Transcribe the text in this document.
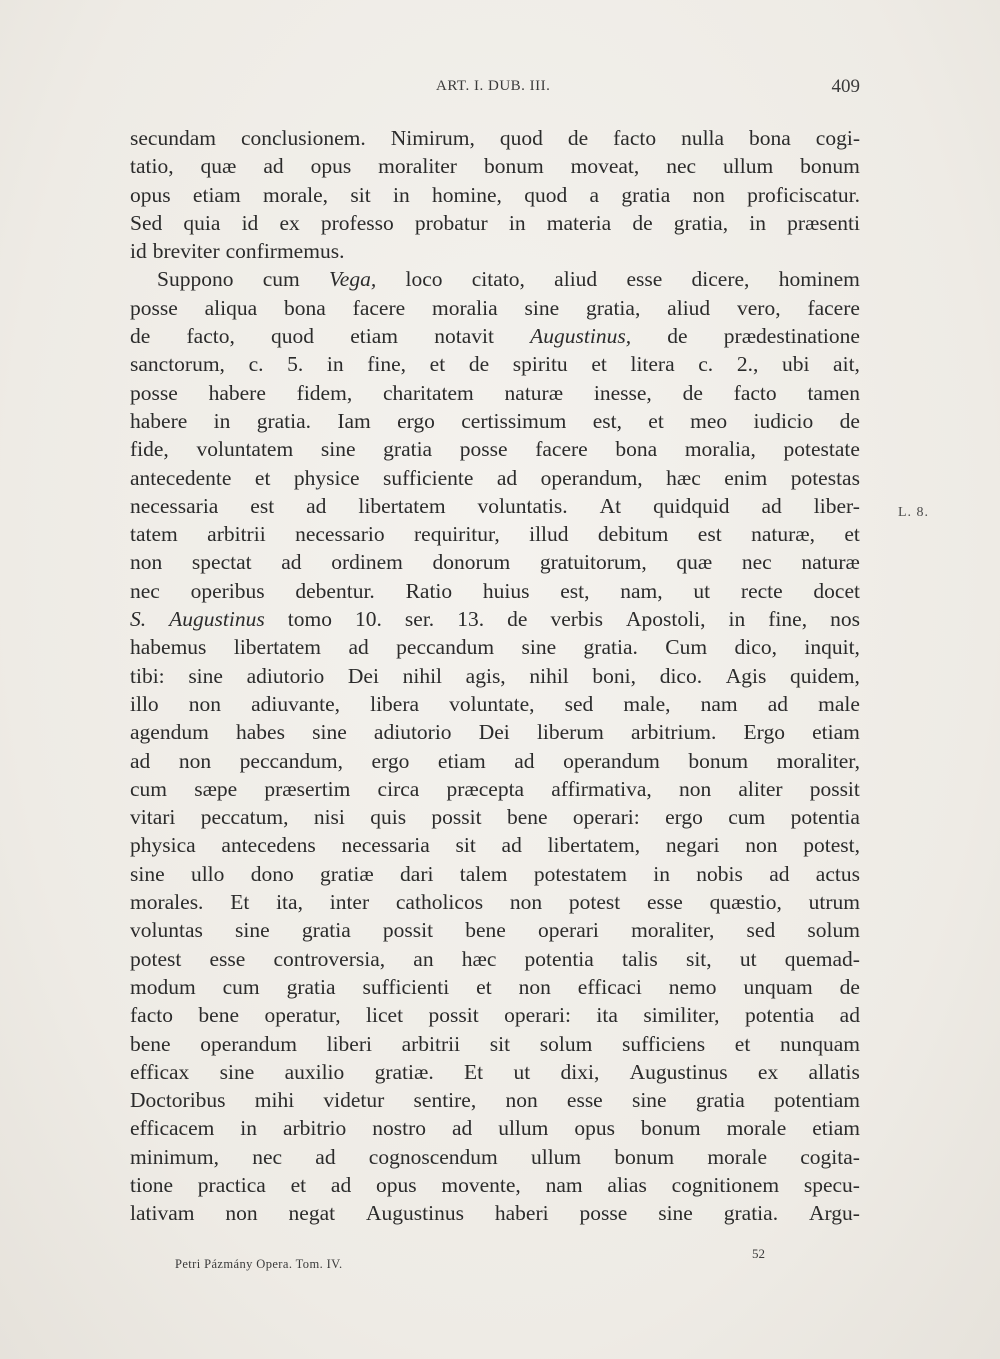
ART. I. DUB. III.	409
secundam conclusionem. Nimirum, quod de facto nulla bona cogi-
tatio, quæ ad opus moraliter bonum moveat, nec ullum bonum
opus etiam morale, sit in homine, quod a gratia non proficiscatur.
Sed quia id ex professo probatur in materia de gratia, in præsenti
id breviter confirmemus.
Suppono cum Vega, loco citato, aliud esse dicere, hominem
posse aliqua bona facere moralia sine gratia, aliud vero, facere
de facto, quod etiam notavit Augustinus, de prædestinatione
sanctorum, c. 5. in fine, et de spiritu et litera c. 2., ubi ait,
posse habere fidem, charitatem naturæ inesse, de facto tamen
habere in gratia. Iam ergo certissimum est, et meo iudicio de
fide, voluntatem sine gratia posse facere bona moralia, potestate
antecedente et physice sufficiente ad operandum, hæc enim potestas
necessaria est ad libertatem voluntatis. At quidquid ad liber-
tatem arbitrii necessario requiritur, illud debitum est naturæ, et
non spectat ad ordinem donorum gratuitorum, quæ nec naturæ
nec operibus debentur. Ratio huius est, nam, ut recte docet
S. Augustinus tomo 10. ser. 13. de verbis Apostoli, in fine, nos
habemus libertatem ad peccandum sine gratia. Cum dico, inquit,
tibi: sine adiutorio Dei nihil agis, nihil boni, dico. Agis quidem,
illo non adiuvante, libera voluntate, sed male, nam ad male
agendum habes sine adiutorio Dei liberum arbitrium. Ergo etiam
ad non peccandum, ergo etiam ad operandum bonum moraliter,
cum sæpe præsertim circa præcepta affirmativa, non aliter possit
vitari peccatum, nisi quis possit bene operari: ergo cum potentia
physica antecedens necessaria sit ad libertatem, negari non potest,
sine ullo dono gratiæ dari talem potestatem in nobis ad actus
morales. Et ita, inter catholicos non potest esse quæstio, utrum
voluntas sine gratia possit bene operari moraliter, sed solum
potest esse controversia, an hæc potentia talis sit, ut quemad-
modum cum gratia sufficienti et non efficaci nemo unquam de
facto bene operatur, licet possit operari: ita similiter, potentia ad
bene operandum liberi arbitrii sit solum sufficiens et nunquam
efficax sine auxilio gratiæ. Et ut dixi, Augustinus ex allatis
Doctoribus mihi videtur sentire, non esse sine gratia potentiam
efficacem in arbitrio nostro ad ullum opus bonum morale etiam
minimum, nec ad cognoscendum ullum bonum morale cogita-
tione practica et ad opus movente, nam alias cognitionem specu-
lativam non negat Augustinus haberi posse sine gratia. Argu-
L. 8.
Petri Pázmány Opera. Tom. IV.
52
